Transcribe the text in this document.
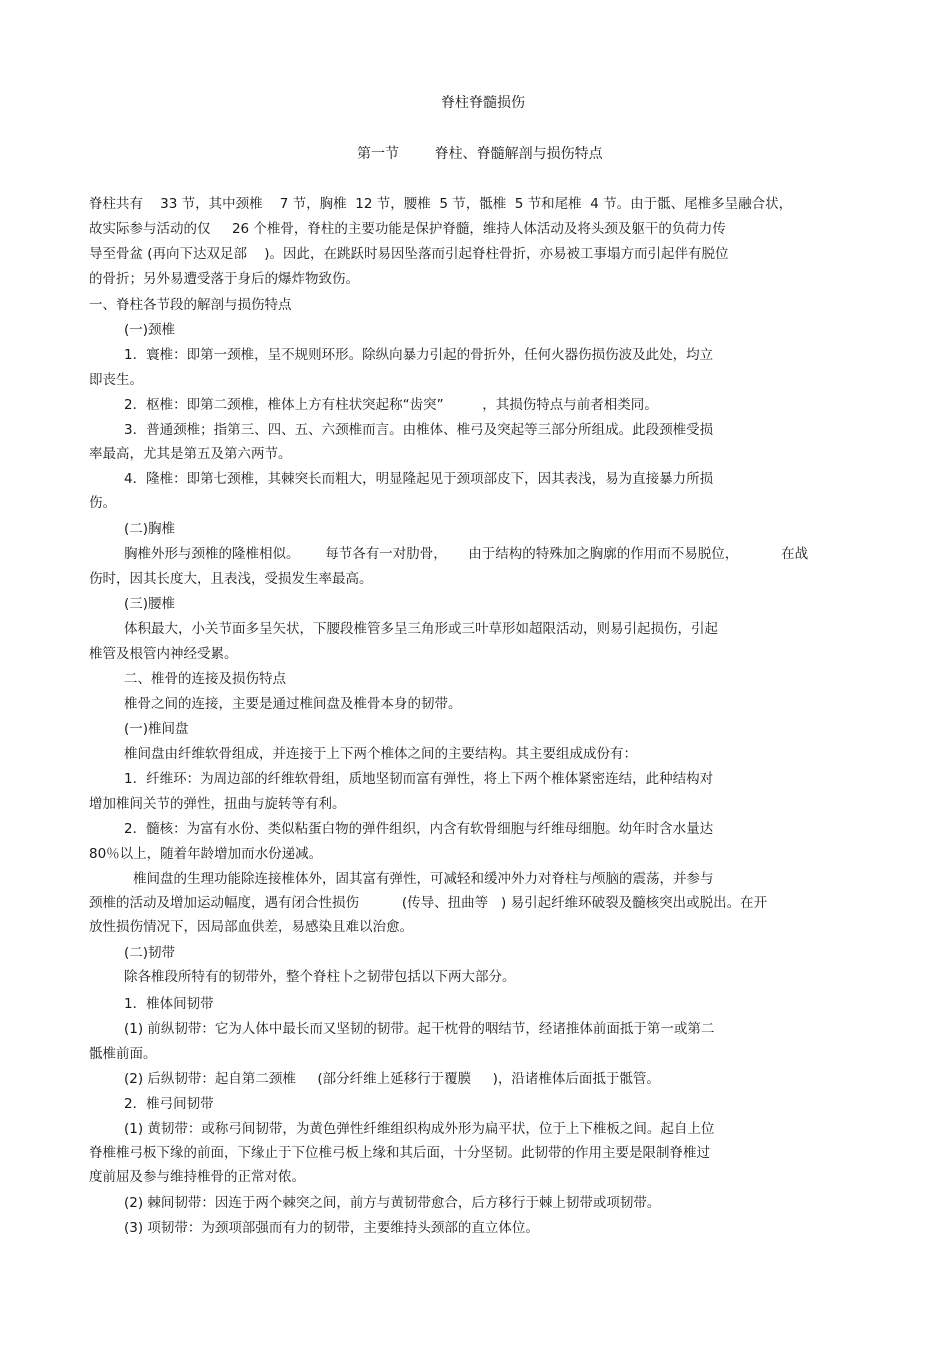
脊柱脊髓损伤
第一节        脊柱、脊髓解剖与损伤特点
脊柱共有    33 节，其中颈椎    7 节，胸椎  12 节，腰椎  5 节，骶椎  5 节和尾椎  4 节。由于骶、尾椎多呈融合状，
故实际参与活动的仅     26 个椎骨，脊柱的主要功能是保护脊髓，维持人体活动及将头颈及躯干的负荷力传
导至骨盆 (再向下达双足部    )。因此，在跳跃时易因坠落而引起脊柱骨折，亦易被工事塌方而引起伴有脱位
的骨折；另外易遭受落于身后的爆炸物致伤。
一、脊柱各节段的解剖与损伤特点
(一)颈椎
1．寰椎：即第一颈椎，呈不规则环形。除纵向暴力引起的骨折外，任何火器伤损伤波及此处，均立
即丧生。
2．枢椎：即第二颈椎，椎体上方有柱状突起称“齿突”         ，其损伤特点与前者相类同。
3．普通颈椎；指第三、四、五、六颈椎而言。由椎体、椎弓及突起等三部分所组成。此段颈椎受损
率最高，尤其是第五及第六两节。
4．隆椎：即第七颈椎，其棘突长而粗大，明显隆起见于颈项部皮下，因其表浅，易为直接暴力所损
伤。
(二)胸椎
胸椎外形与颈椎的隆椎相似。      每节各有一对肋骨，     由于结构的特殊加之胸廓的作用而不易脱位，          在战
伤时，因其长度大，且表浅，受损发生率最高。
(三)腰椎
体积最大，小关节面多呈矢状，下腰段椎管多呈三角形或三叶草形如超限活动，则易引起损伤，引起
椎管及根管内神经受累。
二、椎骨的连接及损伤特点
椎骨之间的连接，主要是通过椎间盘及椎骨本身的韧带。
(一)椎间盘
椎间盘由纤维软骨组成，并连接于上下两个椎体之间的主要结构。其主要组成成份有：
1．纤维环：为周边部的纤维软骨组，质地坚韧而富有弹性，将上下两个椎体紧密连结，此种结构对
增加椎间关节的弹性，扭曲与旋转等有利。
2．髓核：为富有水份、类似粘蛋白物的弹件组织，内含有软骨细胞与纤维母细胞。幼年时含水量达
80％以上，随着年龄增加而水份递减。
椎间盘的生理功能除连接椎体外，固其富有弹性，可减轻和缓冲外力对脊柱与颅脑的震荡，并参与
颈椎的活动及增加运动幅度，遇有闭合性损伤          (传导、扭曲等   ) 易引起纤维环破裂及髓核突出或脱出。在开
放性损伤情况下，因局部血供差，易感染且难以治愈。
(二)韧带
除各椎段所特有的韧带外，整个脊柱卜之韧带包括以下两大部分。
1．椎体间韧带
(1) 前纵韧带：它为人体中最长而又坚韧的韧带。起干枕骨的咽结节，经诸推体前面抵于第一或第二
骶椎前面。
(2) 后纵韧带：起自第二颈椎     (部分纤维上延移行于覆膜     )，沿诸椎体后面抵于骶管。
2．椎弓间韧带
(1) 黄韧带：或称弓间韧带，为黄色弹性纤维组织构成外形为扁平状，位于上下椎板之间。起自上位
脊椎椎弓板下缘的前面，下缘止于下位椎弓板上缘和其后面，十分坚韧。此韧带的作用主要是限制脊椎过
度前屈及参与维持椎骨的正常对侬。
(2) 棘间韧带：因连于两个棘突之间，前方与黄韧带愈合，后方移行于棘上韧带或项韧带。
(3) 项韧带：为颈项部强而有力的韧带，主要维持头颈部的直立体位。
